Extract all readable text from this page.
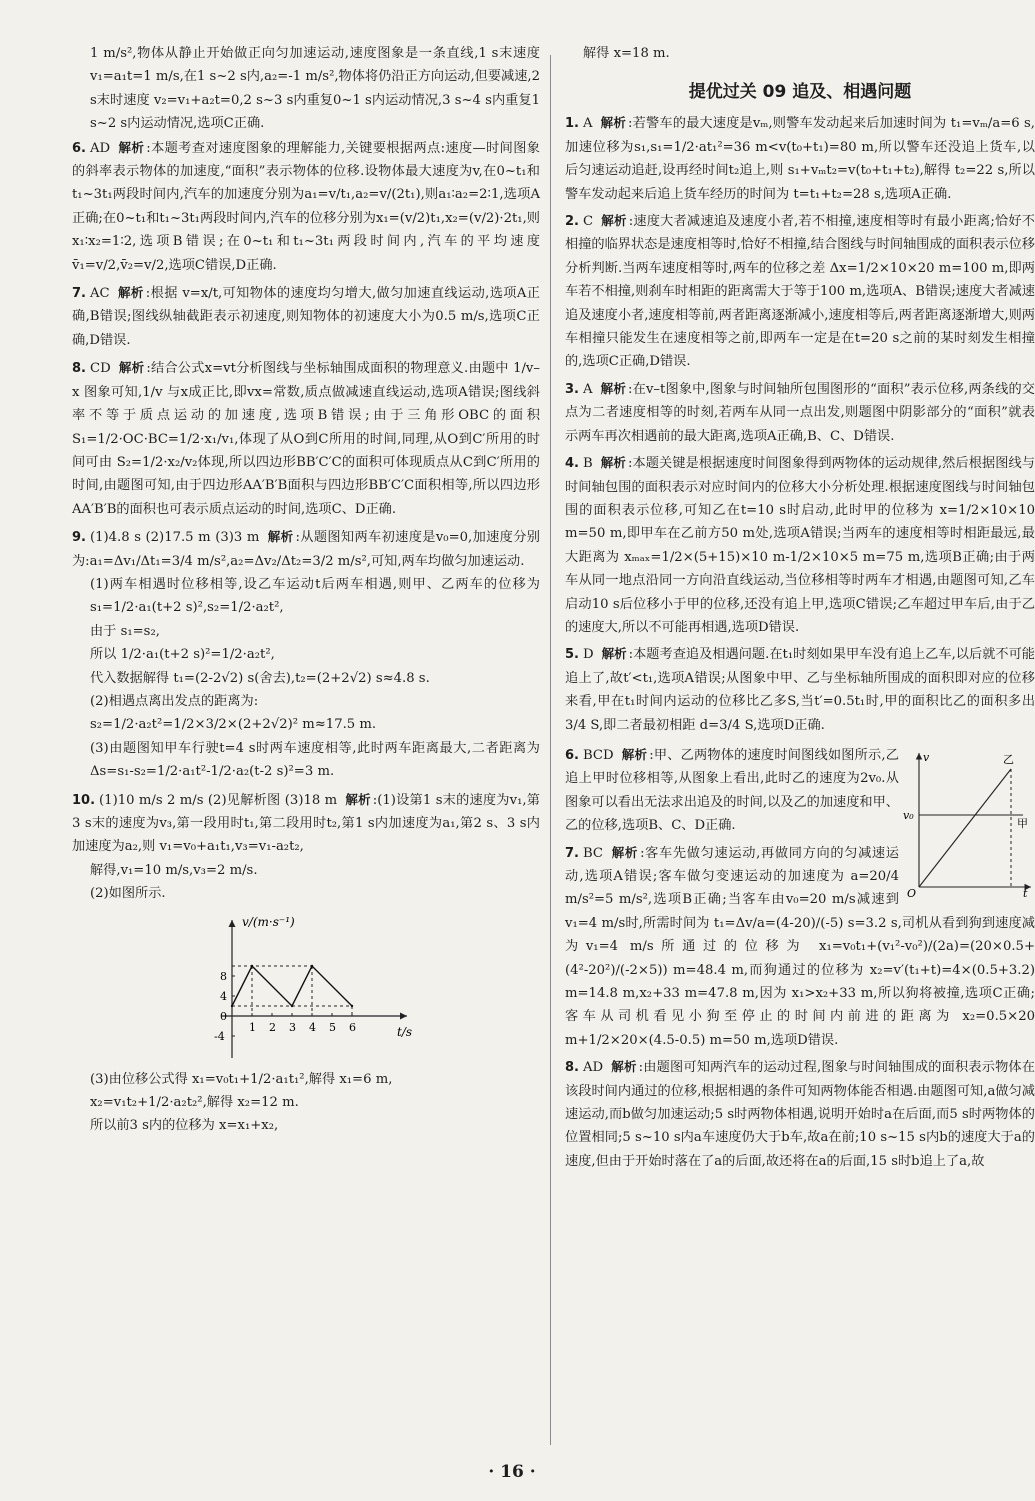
1 m/s²,物体从静止开始做正向匀加速运动,速度图象是一条直线,1 s末速度 v₁=a₁t=1 m/s,在1 s~2 s内,a₂=-1 m/s²,物体将仍沿正方向运动,但要减速,2 s末时速度 v₂=v₁+a₂t=0,2 s~3 s内重复0~1 s内运动情况,3 s~4 s内重复1 s~2 s内运动情况,选项C正确.

6. AD 解析 :本题考查对速度图象的理解能力,关键要根据两点:速度—时间图象的斜率表示物体的加速度,“面积”表示物体的位移.设物体最大速度为v,在0~t₁和t₁~3t₁两段时间内,汽车的加速度分别为a₁=v/t₁,a₂=v/(2t₁),则a₁∶a₂=2∶1,选项A正确;在0~t₁和t₁~3t₁两段时间内,汽车的位移分别为x₁=(v/2)t₁,x₂=(v/2)·2t₁,则x₁∶x₂=1∶2,选项B错误;在0~t₁和t₁~3t₁两段时间内,汽车的平均速度 v̄₁=v/2,v̄₂=v/2,选项C错误,D正确.

7. AC 解析 :根据 v=x/t,可知物体的速度均匀增大,做匀加速直线运动,选项A正确,B错误;图线纵轴截距表示初速度,则知物体的初速度大小为0.5 m/s,选项C正确,D错误.

8. CD 解析 :结合公式x=vt分析图线与坐标轴围成面积的物理意义.由题中 1/v–x 图象可知,1/v 与x成正比,即vx=常数,质点做减速直线运动,选项A错误;图线斜率不等于质点运动的加速度,选项B错误;由于三角形OBC的面积 S₁=1/2·OC·BC=1/2·x₁/v₁,体现了从O到C所用的时间,同理,从O到C′所用的时间可由 S₂=1/2·x₂/v₂体现,所以四边形BB′C′C的面积可体现质点从C到C′所用的时间,由题图可知,由于四边形AA′B′B面积与四边形BB′C′C面积相等,所以四边形AA′B′B的面积也可表示质点运动的时间,选项C、D正确.

9. (1)4.8 s (2)17.5 m (3)3 m 解析 :从题图知两车初速度是v₀=0,加速度分别为:a₁=Δv₁/Δt₁=3/4 m/s²,a₂=Δv₂/Δt₂=3/2 m/s²,可知,两车均做匀加速运动.

(1)两车相遇时位移相等,设乙车运动t后两车相遇,则甲、乙两车的位移为 s₁=1/2·a₁(t+2 s)²,s₂=1/2·a₂t²,

由于 s₁=s₂,

所以 1/2·a₁(t+2 s)²=1/2·a₂t²,

代入数据解得 t₁=(2-2√2) s(舍去),t₂=(2+2√2) s≈4.8 s.

(2)相遇点离出发点的距离为:

s₂=1/2·a₂t²=1/2×3/2×(2+2√2)² m≈17.5 m.

(3)由题图知甲车行驶t=4 s时两车速度相等,此时两车距离最大,二者距离为 Δs=s₁-s₂=1/2·a₁t²-1/2·a₂(t-2 s)²=3 m.

10. (1)10 m/s 2 m/s (2)见解析图 (3)18 m 解析 :(1)设第1 s末的速度为v₁,第3 s末的速度为v₃,第一段用时t₁,第二段用时t₂,第1 s内加速度为a₁,第2 s、3 s内加速度为a₂,则 v₁=v₀+a₁t₁,v₃=v₁-a₂t₂,

解得,v₁=10 m/s,v₃=2 m/s.

(2)如图所示.

v/(m·s⁻¹)
t/s
1 2 3 4 5 6
8
4
0
-4

(3)由位移公式得 x₁=v₀t₁+1/2·a₁t₁²,解得 x₁=6 m,

x₂=v₁t₂+1/2·a₂t₂²,解得 x₂=12 m.

所以前3 s内的位移为 x=x₁+x₂,

解得 x=18 m.

提优过关 09 追及、相遇问题

1. A 解析 :若警车的最大速度是vₘ,则警车发动起来后加速时间为 t₁=vₘ/a=6 s,加速位移为s₁,s₁=1/2·at₁²=36 m<v(t₀+t₁)=80 m,所以警车还没追上货车,以后匀速运动追赶,设再经时间t₂追上,则 s₁+vₘt₂=v(t₀+t₁+t₂),解得 t₂=22 s,所以警车发动起来后追上货车经历的时间为 t=t₁+t₂=28 s,选项A正确.

2. C 解析 :速度大者减速追及速度小者,若不相撞,速度相等时有最小距离;恰好不相撞的临界状态是速度相等时,恰好不相撞,结合图线与时间轴围成的面积表示位移分析判断.当两车速度相等时,两车的位移之差 Δx=1/2×10×20 m=100 m,即两车若不相撞,则刹车时相距的距离需大于等于100 m,选项A、B错误;速度大者减速追及速度小者,速度相等前,两者距离逐渐减小,速度相等后,两者距离逐渐增大,则两车相撞只能发生在速度相等之前,即两车一定是在t=20 s之前的某时刻发生相撞的,选项C正确,D错误.

3. A 解析 :在v–t图象中,图象与时间轴所包围图形的“面积”表示位移,两条线的交点为二者速度相等的时刻,若两车从同一点出发,则题图中阴影部分的“面积”就表示两车再次相遇前的最大距离,选项A正确,B、C、D错误.

4. B 解析 :本题关键是根据速度时间图象得到两物体的运动规律,然后根据图线与时间轴包围的面积表示对应时间内的位移大小分析处理.根据速度图线与时间轴包围的面积表示位移,可知乙在t=10 s时启动,此时甲的位移为 x=1/2×10×10 m=50 m,即甲车在乙前方50 m处,选项A错误;当两车的速度相等时相距最远,最大距离为 xₘₐₓ=1/2×(5+15)×10 m-1/2×10×5 m=75 m,选项B正确;由于两车从同一地点沿同一方向沿直线运动,当位移相等时两车才相遇,由题图可知,乙车启动10 s后位移小于甲的位移,还没有追上甲,选项C错误;乙车超过甲车后,由于乙的速度大,所以不可能再相遇,选项D错误.

5. D 解析 :本题考查追及相遇问题.在t₁时刻如果甲车没有追上乙车,以后就不可能追上了,故t′<t₁,选项A错误;从图象中甲、乙与坐标轴所围成的面积即对应的位移来看,甲在t₁时间内运动的位移比乙多S,当t′=0.5t₁时,甲的面积比乙的面积多出 3/4 S,即二者最初相距 d=3/4 S,选项D正确.

v
t
O
v₀
甲
乙

6. BCD 解析 :甲、乙两物体的速度时间图线如图所示,乙追上甲时位移相等,从图象上看出,此时乙的速度为2v₀.从图象可以看出无法求出追及的时间,以及乙的加速度和甲、乙的位移,选项B、C、D正确.

7. BC 解析 :客车先做匀速运动,再做同方向的匀减速运动,选项A错误;客车做匀变速运动的加速度为 a=20/4 m/s²=5 m/s²,选项B正确;当客车由v₀=20 m/s减速到v₁=4 m/s时,所需时间为 t₁=Δv/a=(4-20)/(-5) s=3.2 s,司机从看到狗到速度减为v₁=4 m/s所通过的位移为 x₁=v₀t₁+(v₁²-v₀²)/(2a)=(20×0.5+(4²-20²)/(-2×5)) m=48.4 m,而狗通过的位移为 x₂=v′(t₁+t)=4×(0.5+3.2) m=14.8 m,x₂+33 m=47.8 m,因为 x₁>x₂+33 m,所以狗将被撞,选项C正确;客车从司机看见小狗至停止的时间内前进的距离为 x₂=0.5×20 m+1/2×20×(4.5-0.5) m=50 m,选项D错误.

8. AD 解析 :由题图可知两汽车的运动过程,图象与时间轴围成的面积表示物体在该段时间内通过的位移,根据相遇的条件可知两物体能否相遇.由题图可知,a做匀减速运动,而b做匀加速运动;5 s时两物体相遇,说明开始时a在后面,而5 s时两物体的位置相同;5 s~10 s内a车速度仍大于b车,故a在前;10 s~15 s内b的速度大于a的速度,但由于开始时落在了a的后面,故还将在a的后面,15 s时b追上了a,故

· 16 ·
